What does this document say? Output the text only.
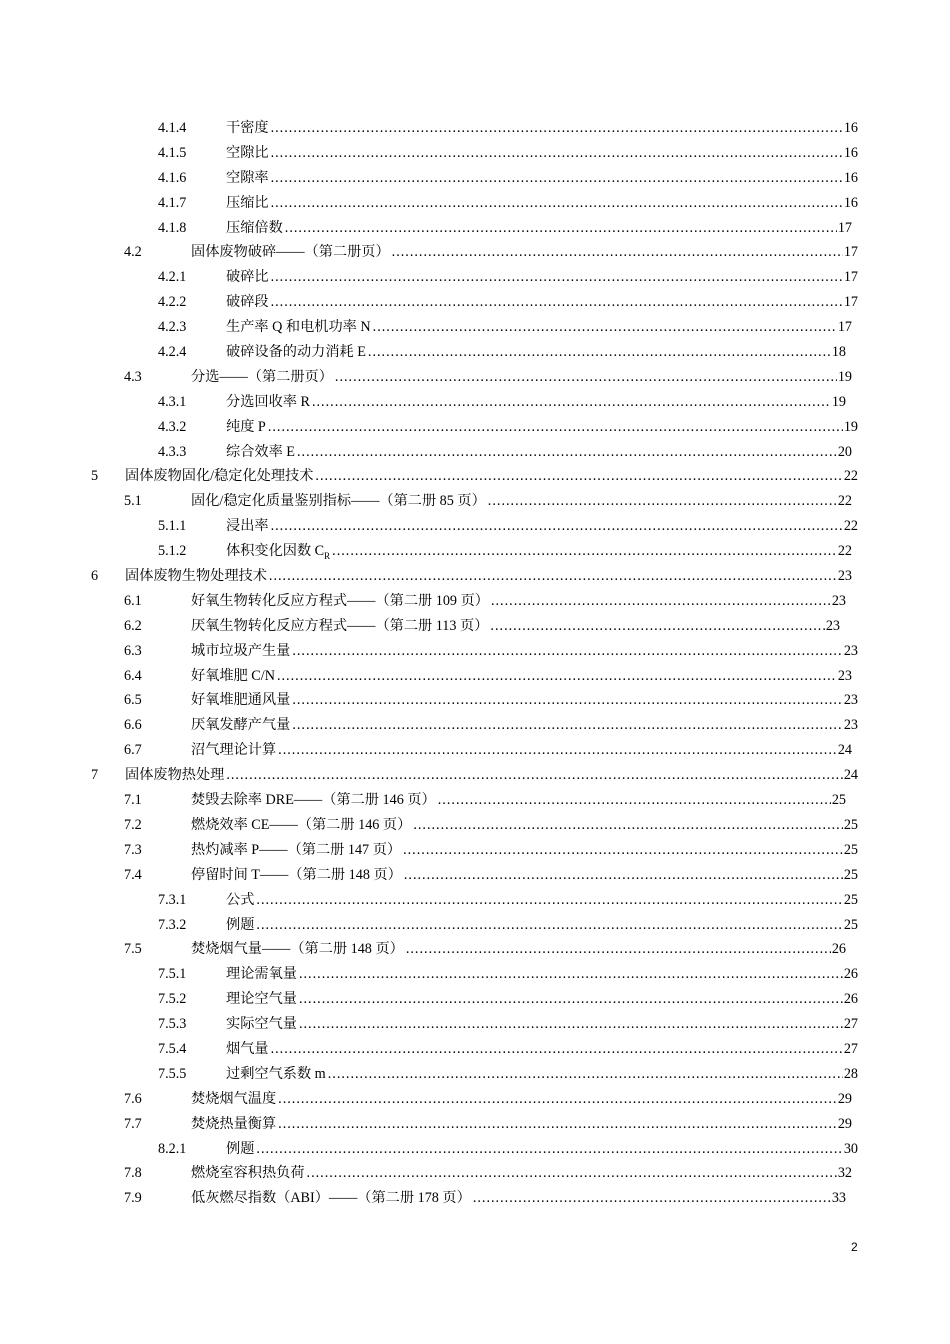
4.1.4	干密度 .....	16
4.1.5	空隙比 .....	16
4.1.6	空隙率 .....	16
4.1.7	压缩比 .....	16
4.1.8	压缩倍数 .....	17
4.2	固体废物破碎——（第二册页） .....	17
4.2.1	破碎比 .....	17
4.2.2	破碎段 .....	17
4.2.3	生产率 Q 和电机功率 N .....	17
4.2.4	破碎设备的动力消耗 E .....	18
4.3	分选——（第二册页） .....	19
4.3.1	分选回收率 R .....	19
4.3.2	纯度 P .....	19
4.3.3	综合效率 E .....	20
5 固体废物固化/稳定化处理技术 .....	22
5.1	固化/稳定化质量鉴别指标——（第二册 85 页） .....	22
5.1.1	浸出率 .....	22
5.1.2	体积变化因数 $C_R$ .....	22
6 固体废物生物处理技术 .....	23
6.1	好氧生物转化反应方程式——（第二册 109 页） .....	23
6.2	厌氧生物转化反应方程式——（第二册 113 页） .....	23
6.3	城市垃圾产生量 .....	23
6.4	好氧堆肥 C/N .....	23
6.5	好氧堆肥通风量 .....	23
6.6	厌氧发酵产气量 .....	23
6.7	沼气理论计算 .....	24
7 固体废物热处理 .....	24
7.1	焚毁去除率 DRE——（第二册 146 页） .....	25
7.2	燃烧效率 CE——（第二册 146 页） .....	25
7.3	热灼减率 P——（第二册 147 页） .....	25
7.4	停留时间 T——（第二册 148 页） .....	25
7.3.1	公式 .....	25
7.3.2	例题 .....	25
7.5	焚烧烟气量——（第二册 148 页） .....	26
7.5.1	理论需氧量 .....	26
7.5.2	理论空气量 .....	26
7.5.3	实际空气量 .....	27
7.5.4	烟气量 .....	27
7.5.5	过剩空气系数 m .....	28
7.6	焚烧烟气温度 .....	29
7.7	焚烧热量衡算 .....	29
8.2.1	例题 .....	30
7.8	燃烧室容积热负荷 .....	32
7.9	低灰燃尽指数（ABI）——（第二册 178 页） .....	33
2
